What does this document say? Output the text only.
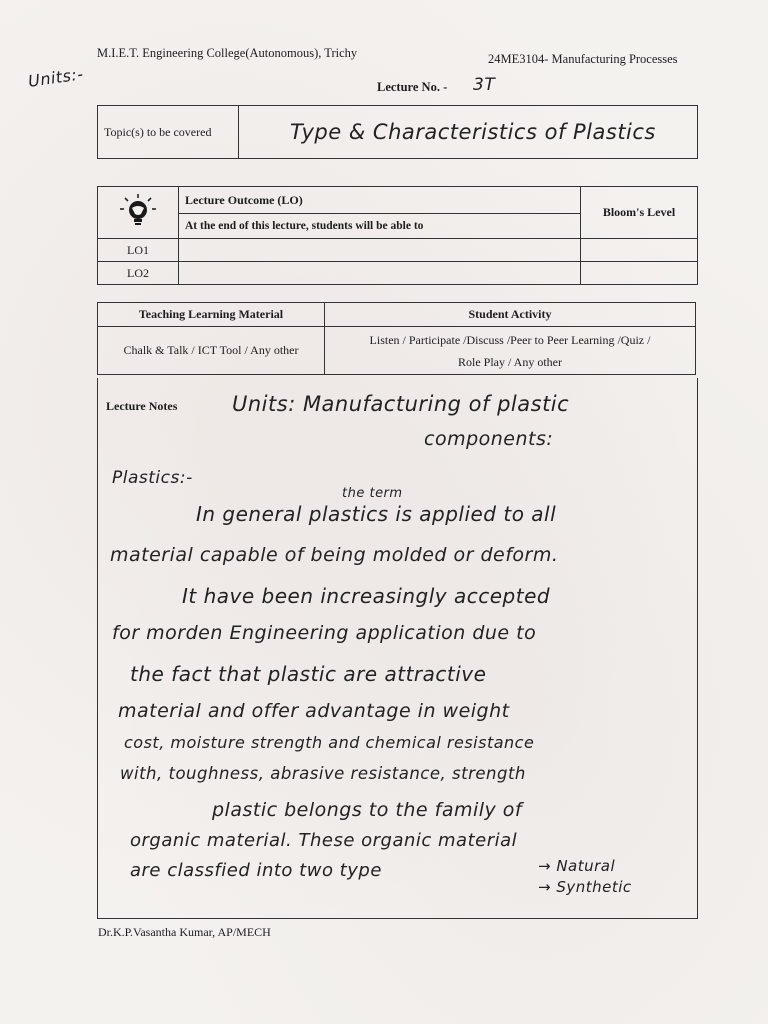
M.I.E.T. Engineering College(Autonomous), Trichy	24ME3104- Manufacturing Processes
Lecture No. - 3T
Units:-
Topic(s) to be covered	Type & Characteristics of Plastics
	Lecture Outcome (LO)	Bloom's Level
	At the end of this lecture, students will be able to	
LO1		
LO2		
Teaching Learning Material	Student Activity
Chalk & Talk / ICT Tool / Any other	Listen / Participate /Discuss /Peer to Peer Learning /Quiz /
Role Play / Any other
Lecture Notes	Units: Manufacturing of plastic
components:
Plastics:-
the term
In general plastics is applied to all
material capable of being molded or deform.
It have been increasingly accepted
for morden Engineering application due to
the fact that plastic are attractive
material and offer advantage in weight
cost, moisture strength and chemical resistance
with, toughness, abrasive resistance, strength
plastic belongs to the family of
organic material. These organic material
are classfied into two type	→ Natural
→ Synthetic
Dr.K.P.Vasantha Kumar, AP/MECH
